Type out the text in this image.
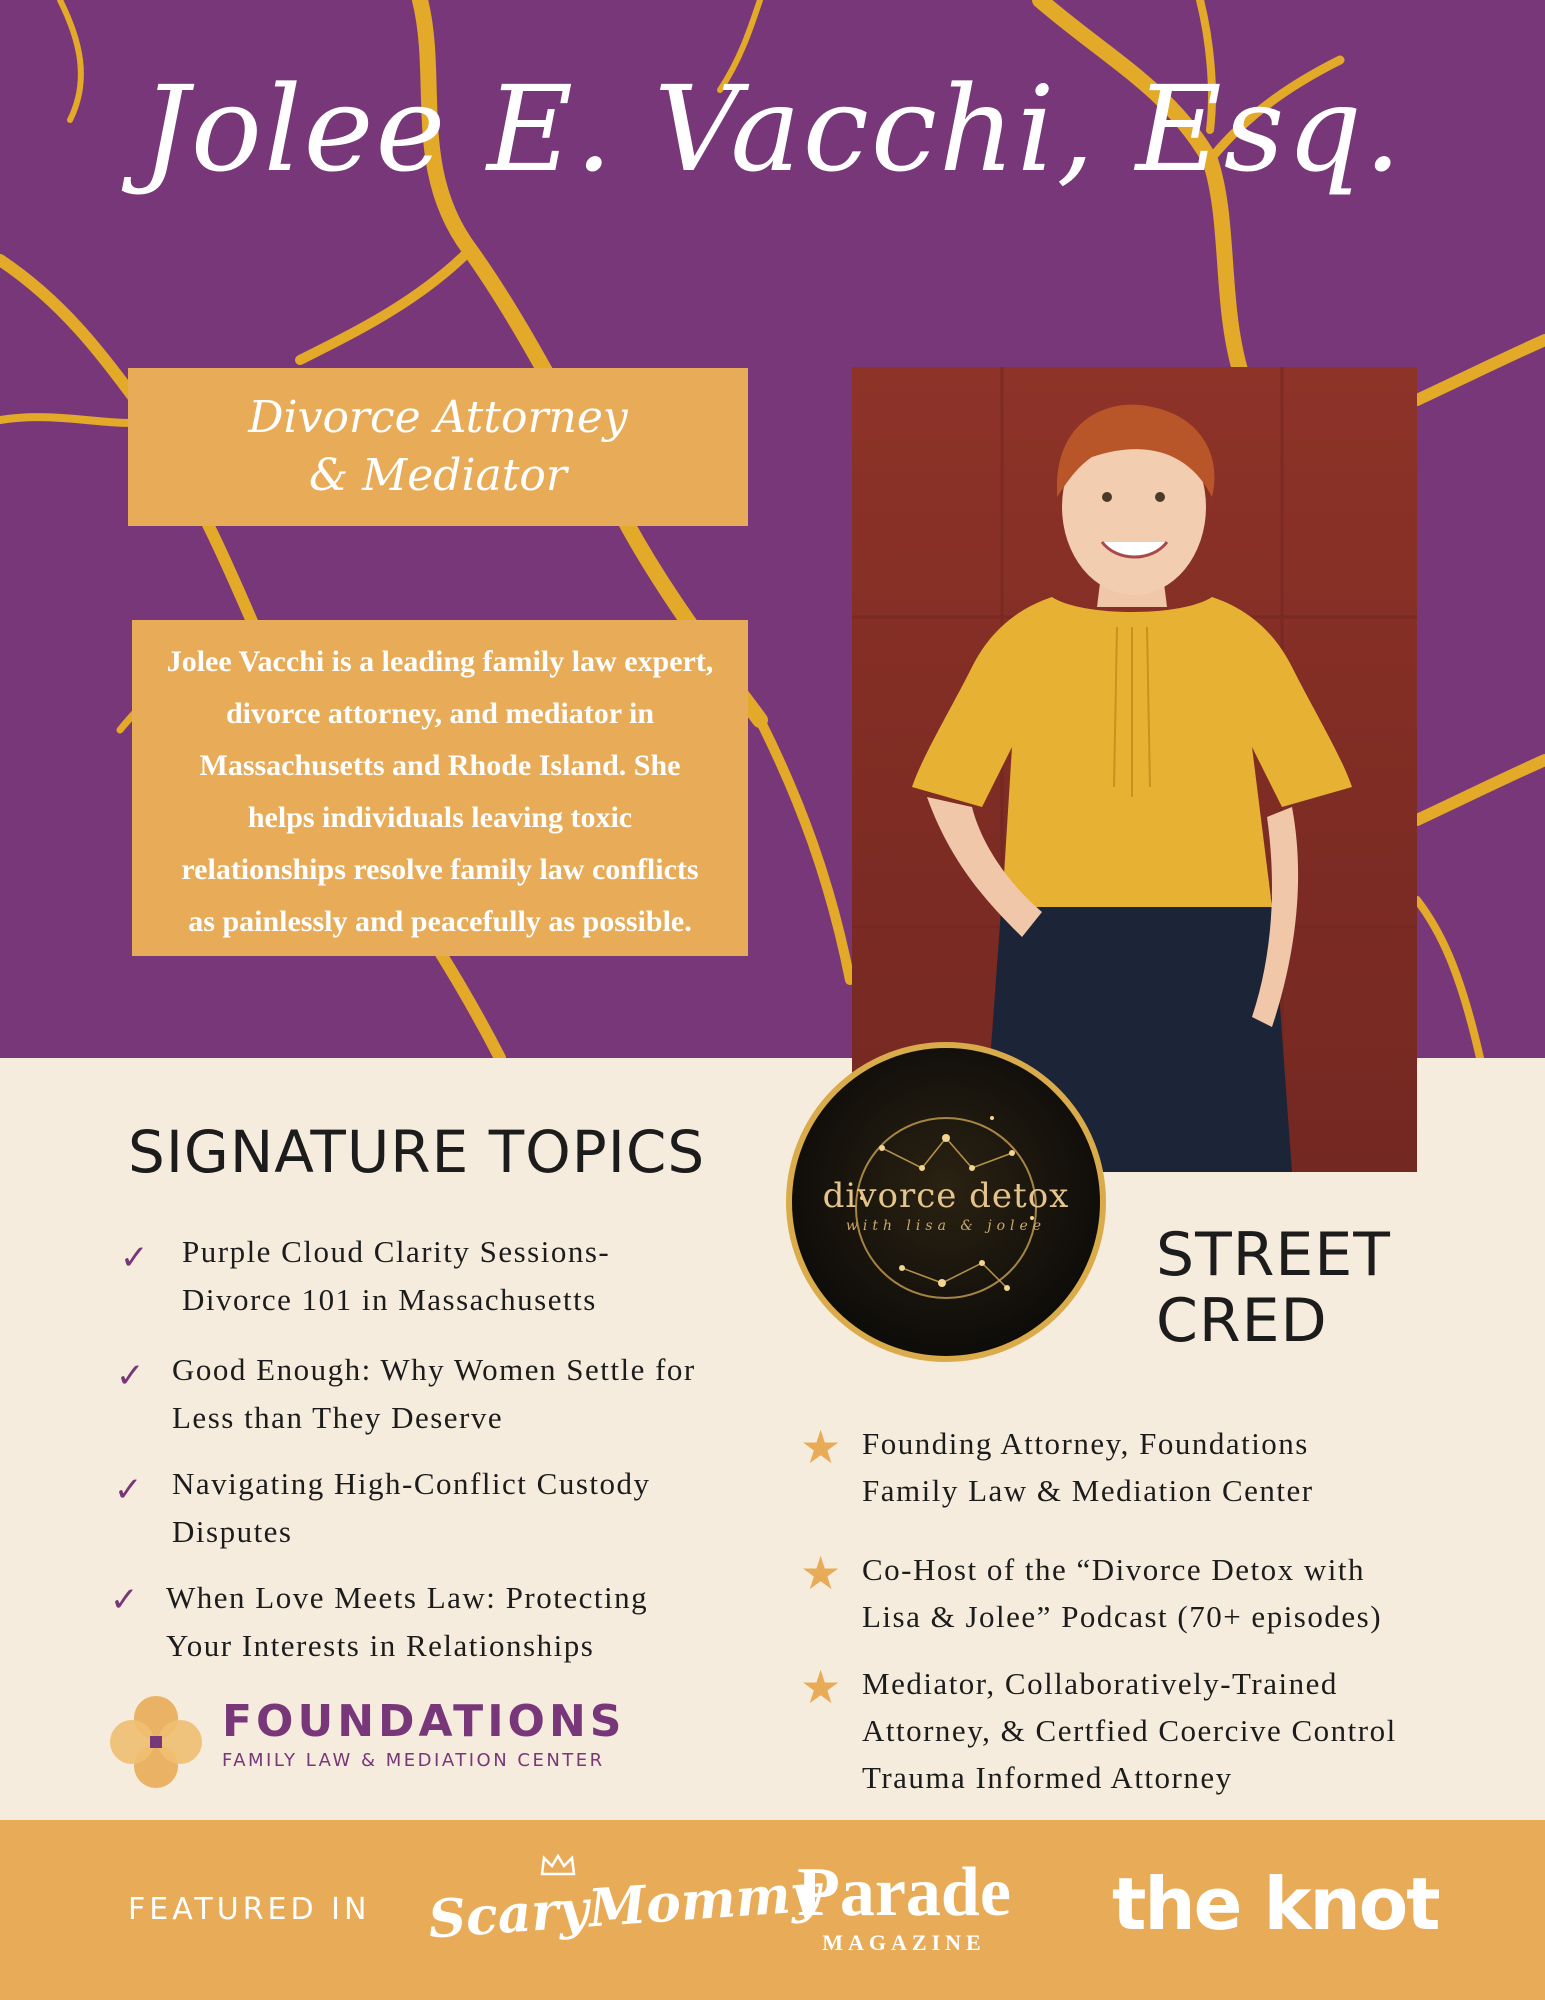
Jolee E. Vacchi, Esq.
Divorce Attorney
& Mediator
Jolee Vacchi is a leading family law expert,
divorce attorney, and mediator in
Massachusetts and Rhode Island. She
helps individuals leaving toxic
relationships resolve family law conflicts
as painlessly and peacefully as possible.
divorce detox
with lisa & jolee
SIGNATURE TOPICS
✓ Purple Cloud Clarity Sessions-
Divorce 101 in Massachusetts
✓ Good Enough: Why Women Settle for
Less than They Deserve
✓ Navigating High-Conflict Custody
Disputes
✓ When Love Meets Law: Protecting
Your Interests in Relationships
STREET
CRED
★ Founding Attorney, Foundations
Family Law & Mediation Center
★ Co-Host of the “Divorce Detox with
Lisa & Jolee” Podcast (70+ episodes)
★ Mediator, Collaboratively-Trained
Attorney, & Certfied Coercive Control
Trauma Informed Attorney
FOUNDATIONS
FAMILY LAW & MEDIATION CENTER
FEATURED IN ScaryMommy
Parade
MAGAZINE	the knot
